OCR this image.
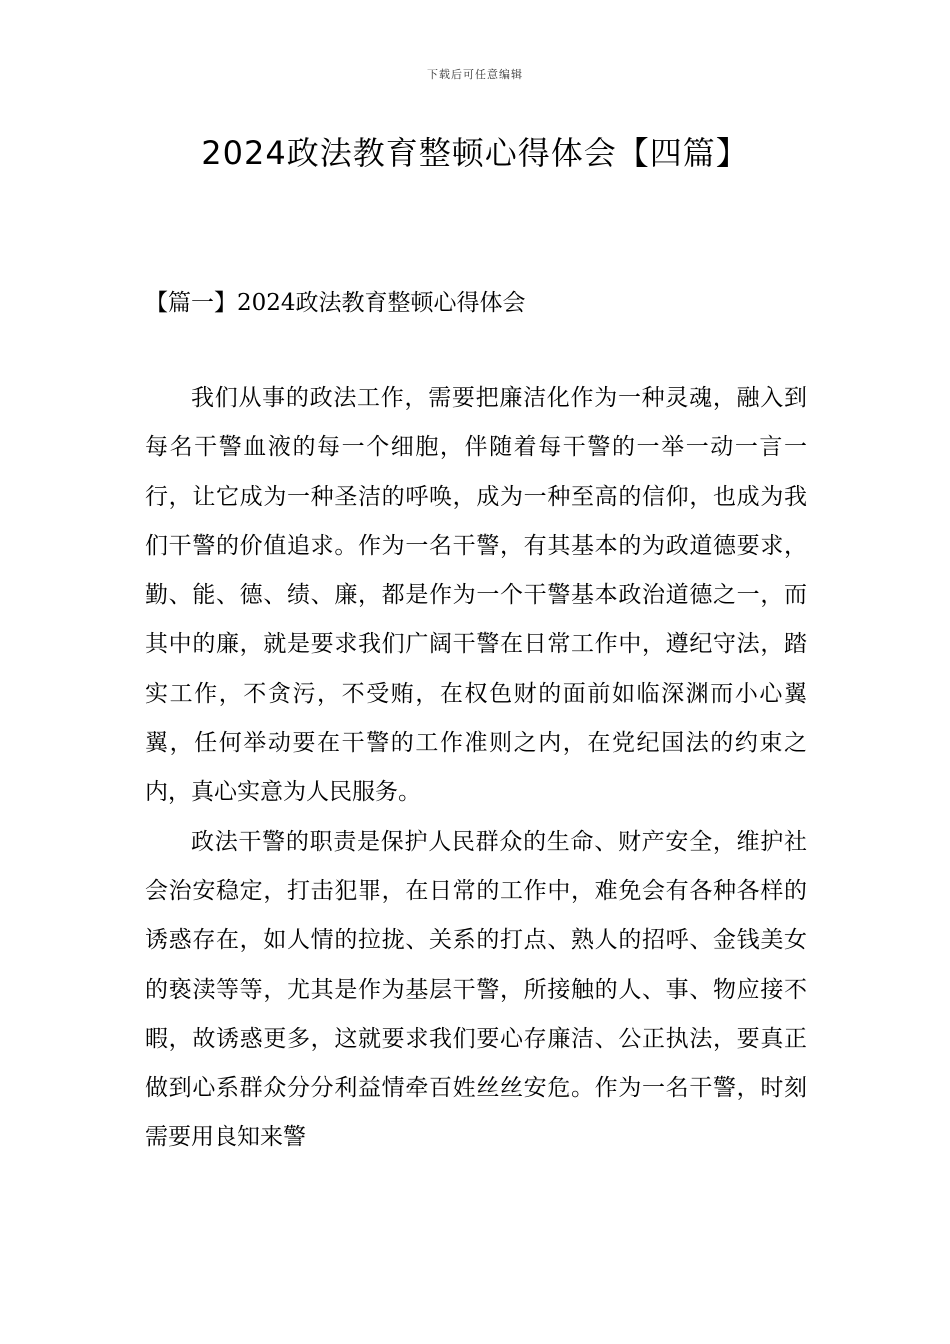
下载后可任意编辑
2024政法教育整顿心得体会【四篇】
【篇一】2024政法教育整顿心得体会

我们从事的政法工作，需要把廉洁化作为一种灵魂，融入到每名干警血液的每一个细胞，伴随着每干警的一举一动一言一行，让它成为一种圣洁的呼唤，成为一种至高的信仰，也成为我们干警的价值追求。作为一名干警，有其基本的为政道德要求，勤、能、德、绩、廉，都是作为一个干警基本政治道德之一，而其中的廉，就是要求我们广阔干警在日常工作中，遵纪守法，踏实工作，不贪污，不受贿，在权色财的面前如临深渊而小心翼翼，任何举动要在干警的工作准则之内，在党纪国法的约束之内，真心实意为人民服务。

政法干警的职责是保护人民群众的生命、财产安全，维护社会治安稳定，打击犯罪，在日常的工作中，难免会有各种各样的诱惑存在，如人情的拉拢、关系的打点、熟人的招呼、金钱美女的亵渎等等，尤其是作为基层干警，所接触的人、事、物应接不暇，故诱惑更多，这就要求我们要心存廉洁、公正执法，要真正做到心系群众分分利益情牵百姓丝丝安危。作为一名干警，时刻需要用良知来警
